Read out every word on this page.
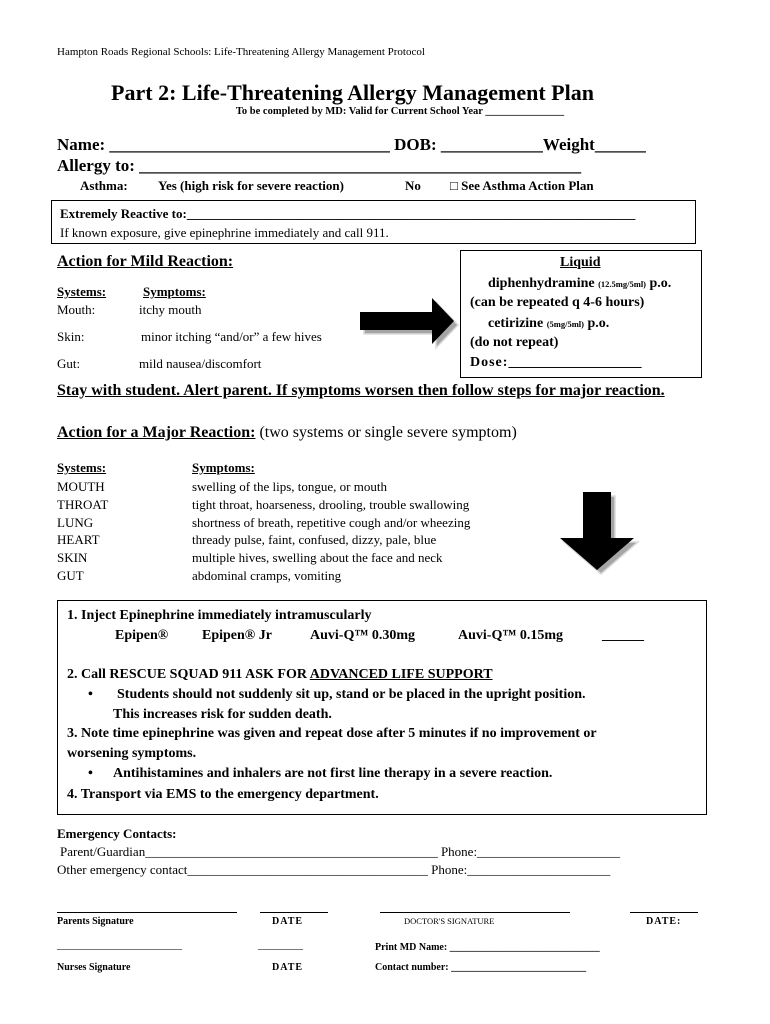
Hampton Roads Regional Schools: Life-Threatening Allergy Management Protocol
Part 2: Life-Threatening Allergy Management Plan
To be completed by MD: Valid for Current School Year _______________
Name: _________________________________ DOB: ____________Weight______
Allergy to: ____________________________________________________
Asthma: Yes (high risk for severe reaction)	No □ See Asthma Action Plan
Extremely Reactive to:_____________________________________________________________________
If known exposure, give epinephrine immediately and call 911.
Action for Mild Reaction:
Systems:	Symptoms:
Mouth:	itchy mouth
Skin:	minor itching “and/or” a few hives
Gut:	mild nausea/discomfort
Liquid
diphenhydramine (12.5mg/5ml) p.o.
(can be repeated q 4-6 hours)
cetirizine (5mg/5ml) p.o.
(do not repeat)
Dose:___________________
Stay with student. Alert parent. If symptoms worsen then follow steps for major reaction.
Action for a Major Reaction: (two systems or single severe symptom)
Systems:	Symptoms:
MOUTH	swelling of the lips, tongue, or mouth
THROAT	tight throat, hoarseness, drooling, trouble swallowing
LUNG	shortness of breath, repetitive cough and/or wheezing
HEART	thready pulse, faint, confused, dizzy, pale, blue
SKIN	multiple hives, swelling about the face and neck
GUT	abdominal cramps, vomiting
1. Inject Epinephrine immediately intramuscularly
Epipen® Epipen® Jr	Auvi-Q™ 0.30mg	Auvi-Q™ 0.15mg	______
2. Call RESCUE SQUAD 911 ASK FOR ADVANCED LIFE SUPPORT
• Students should not suddenly sit up, stand or be placed in the upright position.
This increases risk for sudden death.
3. Note time epinephrine was given and repeat dose after 5 minutes if no improvement or
worsening symptoms.
• Antihistamines and inhalers are not first line therapy in a severe reaction.
4. Transport via EMS to the emergency department.
Emergency Contacts:
Parent/Guardian_____________________________________________ Phone:______________________
Other emergency contact_____________________________________ Phone:______________________
Parents Signature	DATE	DOCTOR'S SIGNATURE	DATE:
_________________________	_________	Print MD Name: ______________________________
Nurses Signature	DATE	Contact number: ___________________________
